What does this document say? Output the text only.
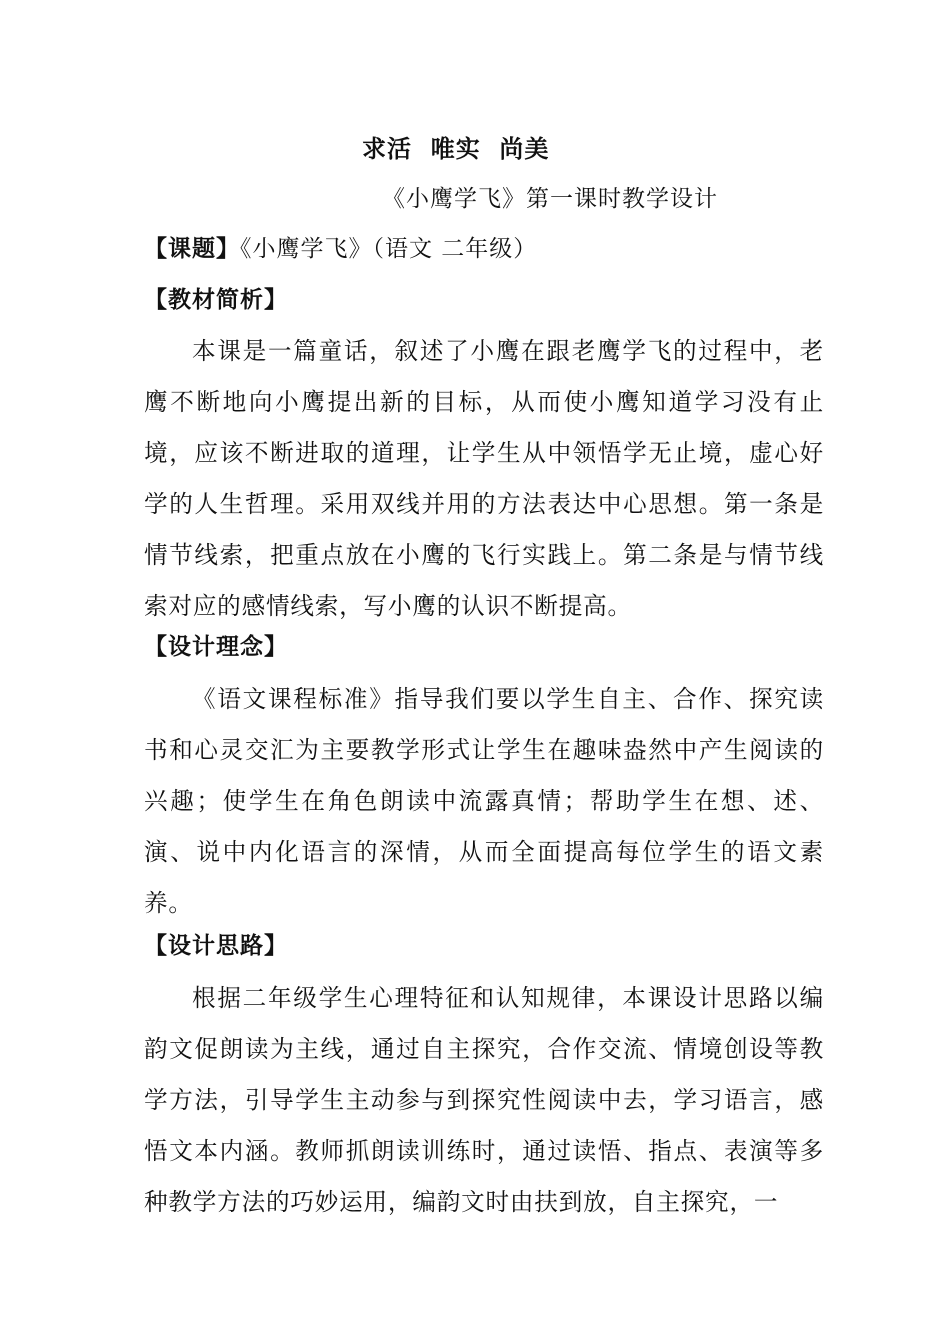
求活  唯实  尚美
《小鹰学飞》第一课时教学设计
【课题】《小鹰学飞》（语文 二年级）
【教材简析】

本课是一篇童话，叙述了小鹰在跟老鹰学飞的过程中，老鹰不断地向小鹰提出新的目标，从而使小鹰知道学习没有止境，应该不断进取的道理，让学生从中领悟学无止境，虚心好学的人生哲理。采用双线并用的方法表达中心思想。第一条是情节线索，把重点放在小鹰的飞行实践上。第二条是与情节线索对应的感情线索，写小鹰的认识不断提高。

【设计理念】

《语文课程标准》指导我们要以学生自主、合作、探究读书和心灵交汇为主要教学形式让学生在趣味盎然中产生阅读的兴趣；使学生在角色朗读中流露真情；帮助学生在想、述、演、说中内化语言的深情，从而全面提高每位学生的语文素养。

【设计思路】

根据二年级学生心理特征和认知规律，本课设计思路以编韵文促朗读为主线，通过自主探究，合作交流、情境创设等教学方法，引导学生主动参与到探究性阅读中去，学习语言，感悟文本内涵。教师抓朗读训练时，通过读悟、指点、表演等多种教学方法的巧妙运用，编韵文时由扶到放，自主探究，一
